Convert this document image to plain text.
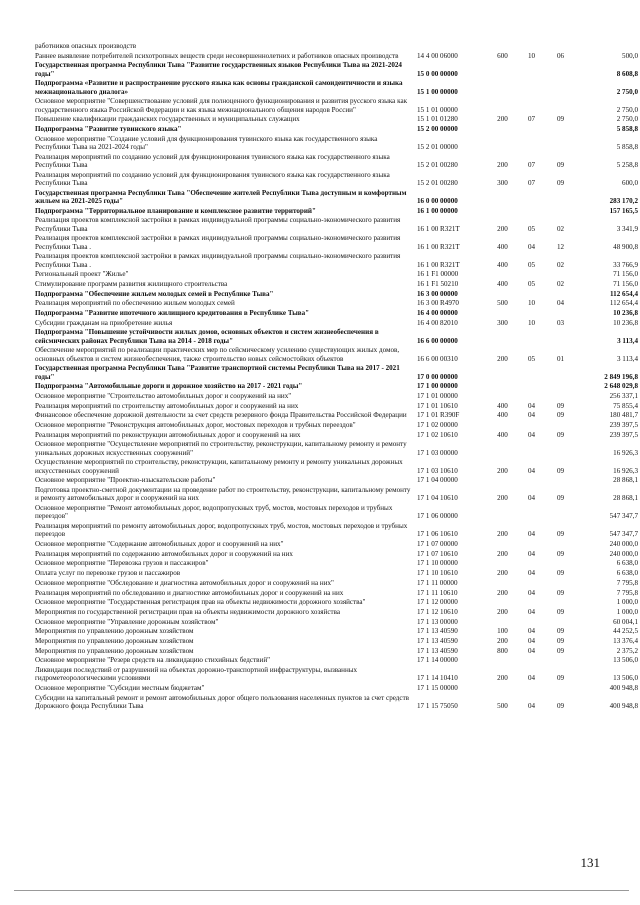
работников опасных производств
Раннее выявление потребителей психотропных веществ среди несовершеннолетних и работников опасных производств	14 4 00 06000	600	10	06	500,0
Государственная программа Республики Тыва "Развитие государственных языков Республики Тыва на 2021-2024 годы"	15 0 00 00000	8 608,8
Подпрограмма «Развитие и распространение русского языка как основы гражданской самоидентичности и языка межнационального диалога»	15 1 00 00000	2 750,0
Основное мероприятие "Совершенствование условий для полноценного функционирования и развития русского языка как государственного языка Российской Федерации и как языка межнационального общения народов России"	15 1 01 00000	2 750,0
Повышение квалификации гражданских государственных и муниципальных служащих	15 1 01 01280	200	07	09	2 750,0
Подпрограмма "Развитие тувинского языка"	15 2 00 00000	5 858,8
Основное мероприятие "Создание условий для функционирования тувинского языка как государственного языка Республики Тыва на 2021-2024 годы"	15 2 01 00000	5 858,8
Реализация мероприятий по созданию условий для функционирования тувинского языка как государственного языка Республики Тыва	15 2 01 00280	200	07	09	5 258,8
Реализация мероприятий по созданию условий для функционирования тувинского языка как государственного языка Республики Тыва	15 2 01 00280	300	07	09	600,0
Государственная программа Республики Тыва "Обеспечение жителей Республики Тыва доступным и комфортным жильем на 2021-2025 годы"	16 0 00 00000	283 170,2
Подпрограмма "Территориальное планирование и комплексное развитие территорий"	16 1 00 00000	157 165,5
Реализация проектов комплексной застройки в рамках индивидуальной программы социально-экономического развития Республики Тыва	16 1 00 R321T	200	05	02	3 341,9
Реализация проектов комплексной застройки в рамках индивидуальной программы социально-экономического развития Республики Тыва .	16 1 00 R321T	400	04	12	48 900,8
Реализация проектов комплексной застройки в рамках индивидуальной программы социально-экономического развития Республики Тыва .	16 1 00 R321T	400	05	02	33 766,9
Региональный проект "Жилье"	16 1 F1 00000	71 156,0
Стимулирование программ развития жилищного строительства	16 1 F1 50210	400	05	02	71 156,0
Подпрограмма "Обеспечение жильем молодых семей в Республике Тыва"	16 3 00 00000	112 654,4
Реализация мероприятий по обеспечению жильем молодых семей	16 3 00 R4970	500	10	04	112 654,4
Подпрограмма "Развитие ипотечного жилищного кредитования в Республике Тыва"	16 4 00 00000	10 236,8
Субсидии гражданам на приобретение жилья	16 4 00 82010	300	10	03	10 236,8
Подпрограмма "Повышение устойчивости жилых домов, основных объектов и систем жизнеобеспечения в сейсмических районах Республики Тыва на 2014 - 2018 годы"	16 6 00 00000	3 113,4
Обеспечение мероприятий по реализации практических мер по сейсмическому усилению существующих жилых домов, основных объектов и систем жизнеобеспечения, также строительство новых сейсмостойких объектов	16 6 00 00310	200	05	01	3 113,4
Государственная программа Республики Тыва "Развитие транспортной системы Республики Тыва на 2017 - 2021 годы"	17 0 00 00000	2 849 196,8
Подпрограмма "Автомобильные дороги и дорожное хозяйство на 2017 - 2021 годы"	17 1 00 00000	2 648 029,8
Основное мероприятие "Строительство автомобильных дорог и сооружений на них"	17 1 01 00000	256 337,1
Реализация мероприятий по строительству автомобильных дорог и сооружений на них	17 1 01 10610	400	04	09	75 855,4
Финансовое обеспечение дорожной деятельности за счет средств резервного фонда Правительства Российской Федерации	17 1 01 R390F	400	04	09	180 481,7
Основное мероприятие "Реконструкция автомобильных дорог, мостовых переходов и трубных переездов"	17 1 02 00000	239 397,5
Реализация мероприятий по реконструкции автомобильных дорог и сооружений на них	17 1 02 10610	400	04	09	239 397,5
Основное мероприятие "Осуществление мероприятий по строительству, реконструкции, капитальному ремонту и ремонту уникальных дорожных искусственных сооружений"	17 1 03 00000	16 926,3
Осуществление мероприятий по строительству, реконструкции, капитальному ремонту и ремонту уникальных дорожных искусственных сооружений	17 1 03 10610	200	04	09	16 926,3
Основное мероприятие "Проектно-изыскательские работы"	17 1 04 00000	28 868,1
Подготовка проектно-сметной документации на проведение работ по строительству, реконструкции, капитальному ремонту и ремонту автомобильных дорог и сооружений на них	17 1 04 10610	200	04	09	28 868,1
Основное мероприятие "Ремонт автомобильных дорог, водопропускных труб, мостов, мостовых переходов и трубных переездов"	17 1 06 00000	547 347,7
Реализация мероприятий по ремонту автомобильных дорог, водопропускных труб, мостов, мостовых переходов и трубных переездов	17 1 06 10610	200	04	09	547 347,7
Основное мероприятие "Содержание автомобильных дорог и сооружений на них"	17 1 07 00000	240 000,0
Реализация мероприятий по содержанию автомобильных дорог и сооружений на них	17 1 07 10610	200	04	09	240 000,0
Основное мероприятие "Перевозка грузов и пассажиров"	17 1 10 00000	6 638,0
Оплата услуг по перевозке грузов и пассажиров	17 1 10 10610	200	04	09	6 638,0
Основное мероприятие "Обследование и диагностика автомобильных дорог и сооружений на них"	17 1 11 00000	7 795,8
Реализация мероприятий по обследованию и диагностике автомобильных дорог и сооружений на них	17 1 11 10610	200	04	09	7 795,8
Основное мероприятие "Государственная регистрация прав на объекты недвижимости дорожного хозяйства"	17 1 12 00000	1 000,0
Мероприятия по государственной регистрации прав на объекты недвижимости дорожного хозяйства	17 1 12 10610	200	04	09	1 000,0
Основное мероприятие "Управление дорожным хозяйством"	17 1 13 00000	60 004,1
Мероприятия по управлению дорожным хозяйством	17 1 13 40590	100	04	09	44 252,5
Мероприятия по управлению дорожным хозяйством	17 1 13 40590	200	04	09	13 376,4
Мероприятия по управлению дорожным хозяйством	17 1 13 40590	800	04	09	2 375,2
Основное мероприятие "Резерв средств на ликвидацию стихийных бедствий"	17 1 14 00000	13 506,0
Ликвидация последствий от разрушений на объектах дорожно-транспортной инфраструктуры, вызванных гидрометеорологическими условиями	17 1 14 10410	200	04	09	13 506,0
Основное мероприятие "Субсидии местным бюджетам"	17 1 15 00000	400 948,8
Субсидии на капитальный ремонт и ремонт автомобильных дорог общего пользования населенных пунктов за счет средств Дорожного фонда Республики Тыва	17 1 15 75050	500	04	09	400 948,8
131
